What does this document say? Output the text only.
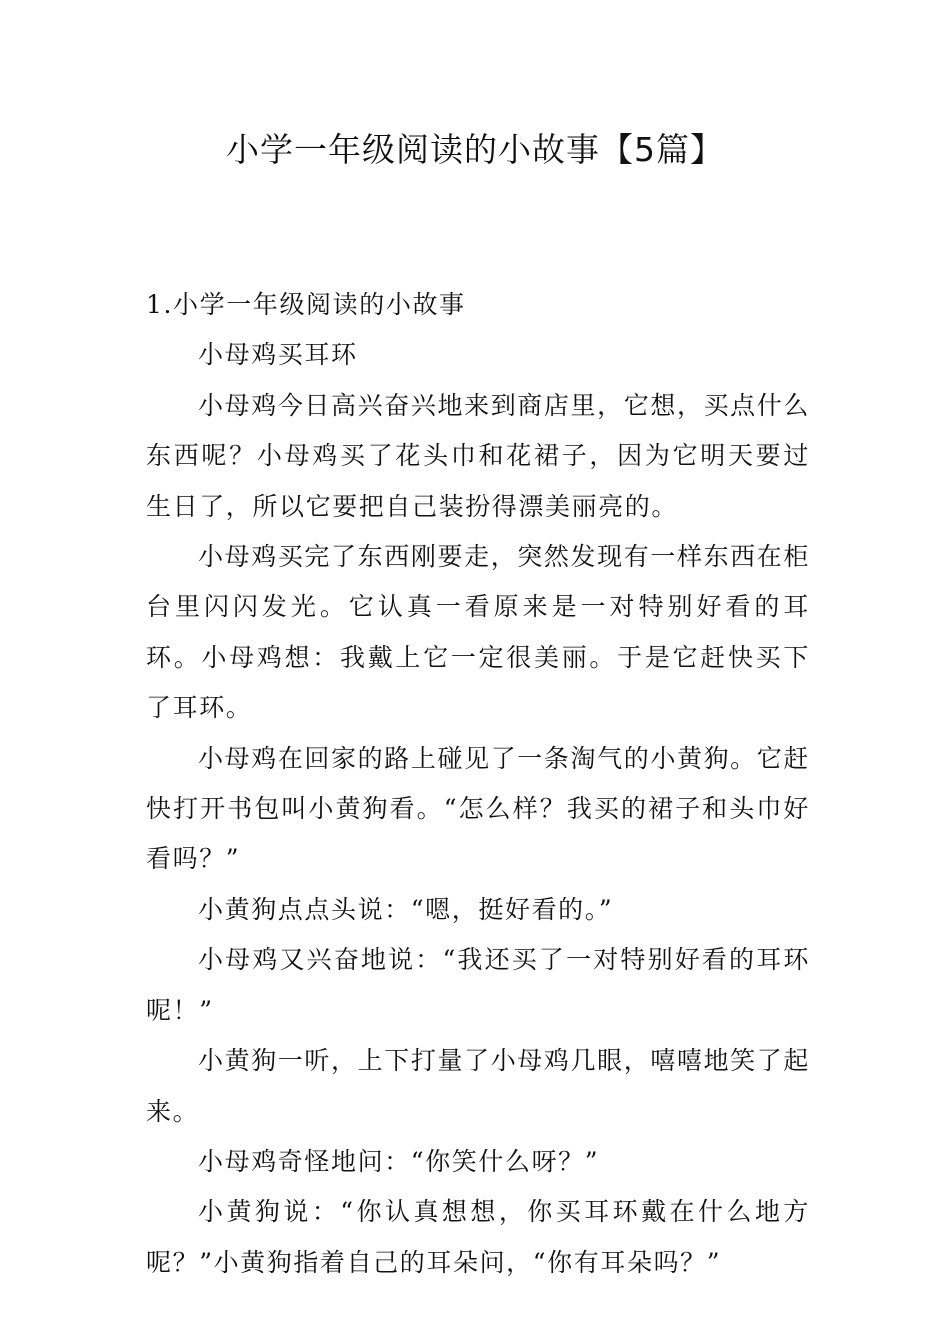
小学一年级阅读的小故事【5篇】

1.小学一年级阅读的小故事

小母鸡买耳环

小母鸡今日高兴奋兴地来到商店里，它想，买点什么东西呢？小母鸡买了花头巾和花裙子，因为它明天要过生日了，所以它要把自己装扮得漂美丽亮的。

小母鸡买完了东西刚要走，突然发现有一样东西在柜台里闪闪发光。它认真一看原来是一对特别好看的耳环。小母鸡想：我戴上它一定很美丽。于是它赶快买下了耳环。

小母鸡在回家的路上碰见了一条淘气的小黄狗。它赶快打开书包叫小黄狗看。“怎么样？我买的裙子和头巾好看吗？”

小黄狗点点头说：“嗯，挺好看的。”

小母鸡又兴奋地说：“我还买了一对特别好看的耳环呢！”

小黄狗一听，上下打量了小母鸡几眼，嘻嘻地笑了起来。

小母鸡奇怪地问：“你笑什么呀？”

小黄狗说：“你认真想想，你买耳环戴在什么地方呢？”小黄狗指着自己的耳朵问，“你有耳朵吗？”
